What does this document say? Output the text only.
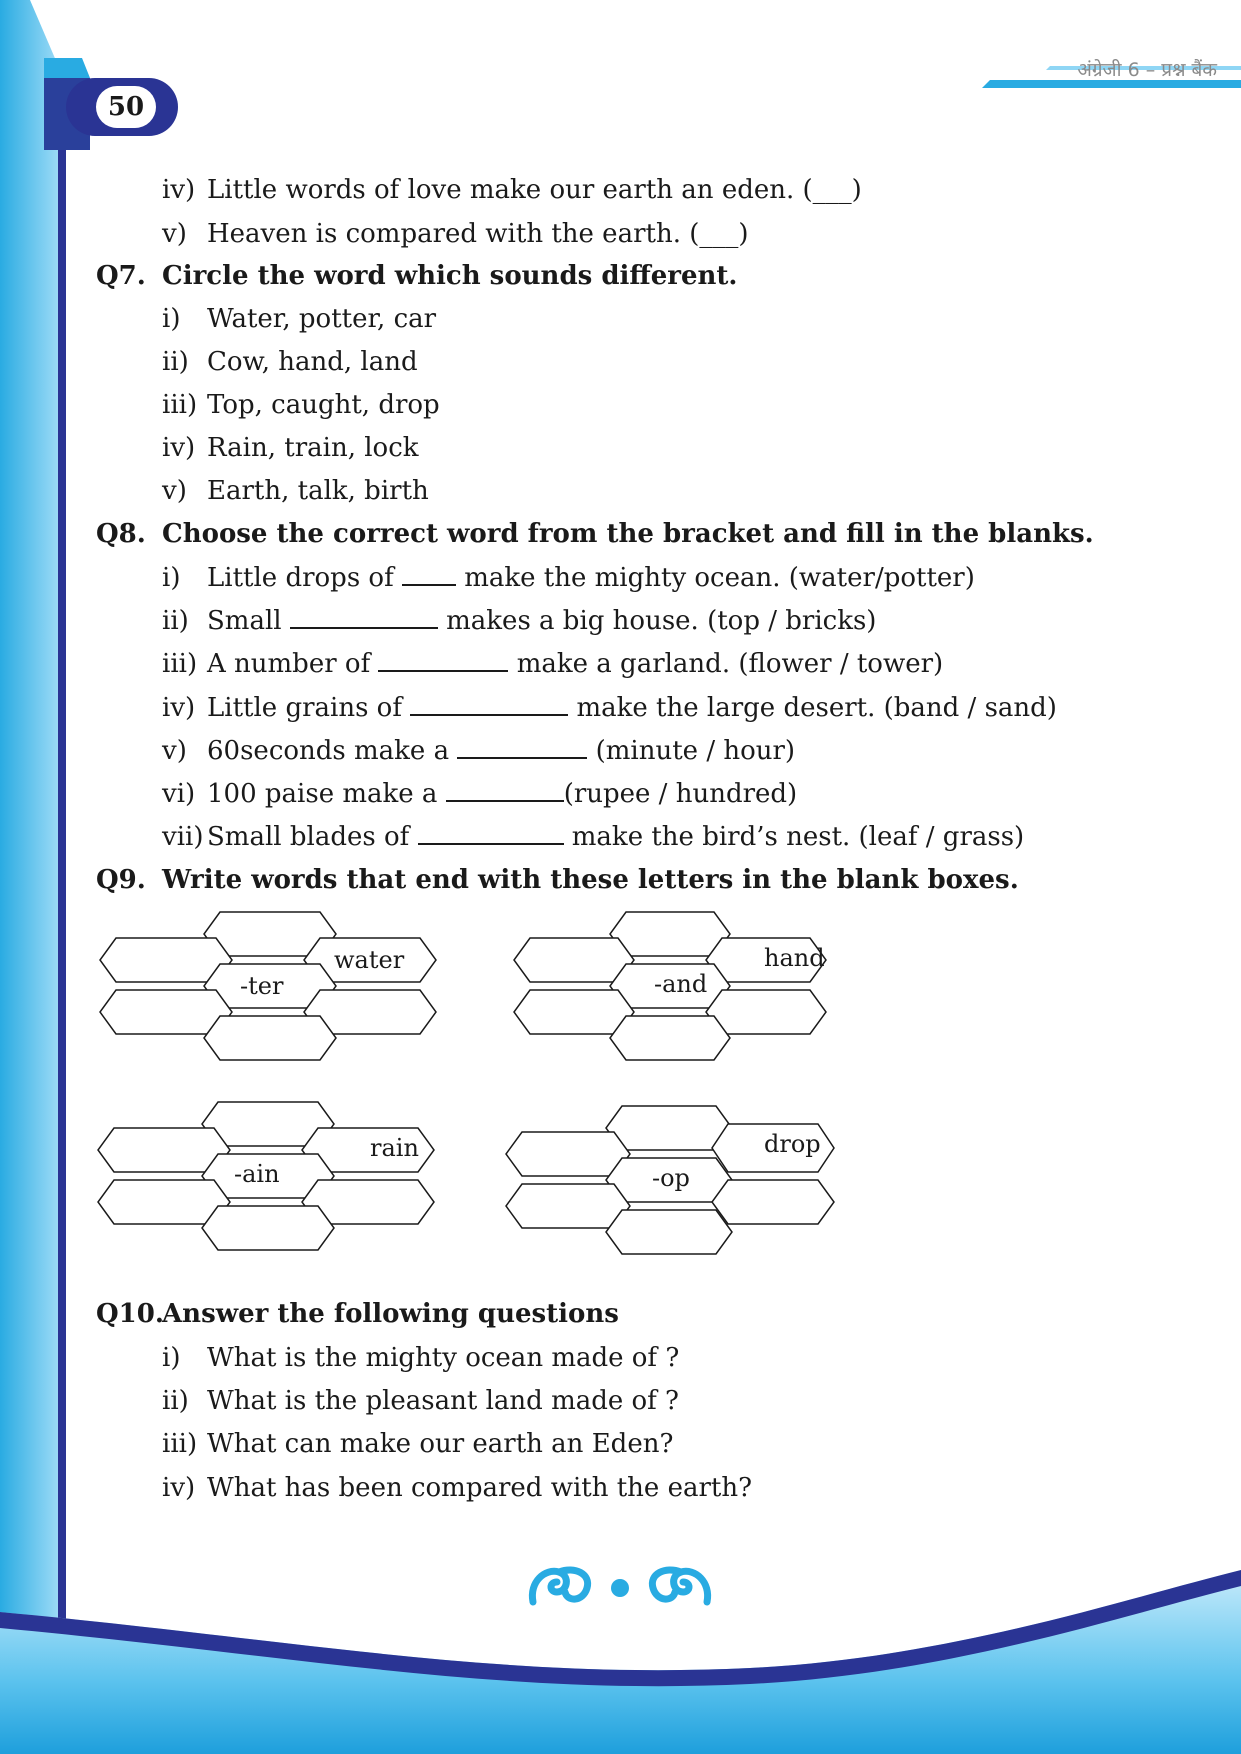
अंग्रेजी 6 – प्रश्न बैंक
50
iv) Little words of love make our earth an eden. (___)
v) Heaven is compared with the earth. (___)
Q7. Circle the word which sounds different.
i) Water, potter, car
ii) Cow, hand, land
iii) Top, caught, drop
iv) Rain, train, lock
v) Earth, talk, birth
Q8. Choose the correct word from the bracket and fill in the blanks.
i) Little drops of	make the mighty ocean. (water/potter)
ii) Small	makes a big house. (top / bricks)
iii) A number of	make a garland. (flower / tower)
iv) Little grains of	make the large desert. (band / sand)
v) 60seconds make a	(minute / hour)
vi) 100 paise make a	(rupee / hundred)
vii) Small blades of	make the bird’s nest. (leaf / grass)
Q9. Write words that end with these letters in the blank boxes.
-ter
water
-and
hand
-ain
rain
-op
drop
Q10.
Answer the following questions
i) What is the mighty ocean made of ?
ii) What is the pleasant land made of ?
iii) What can make our earth an Eden?
iv) What has been compared with the earth?
